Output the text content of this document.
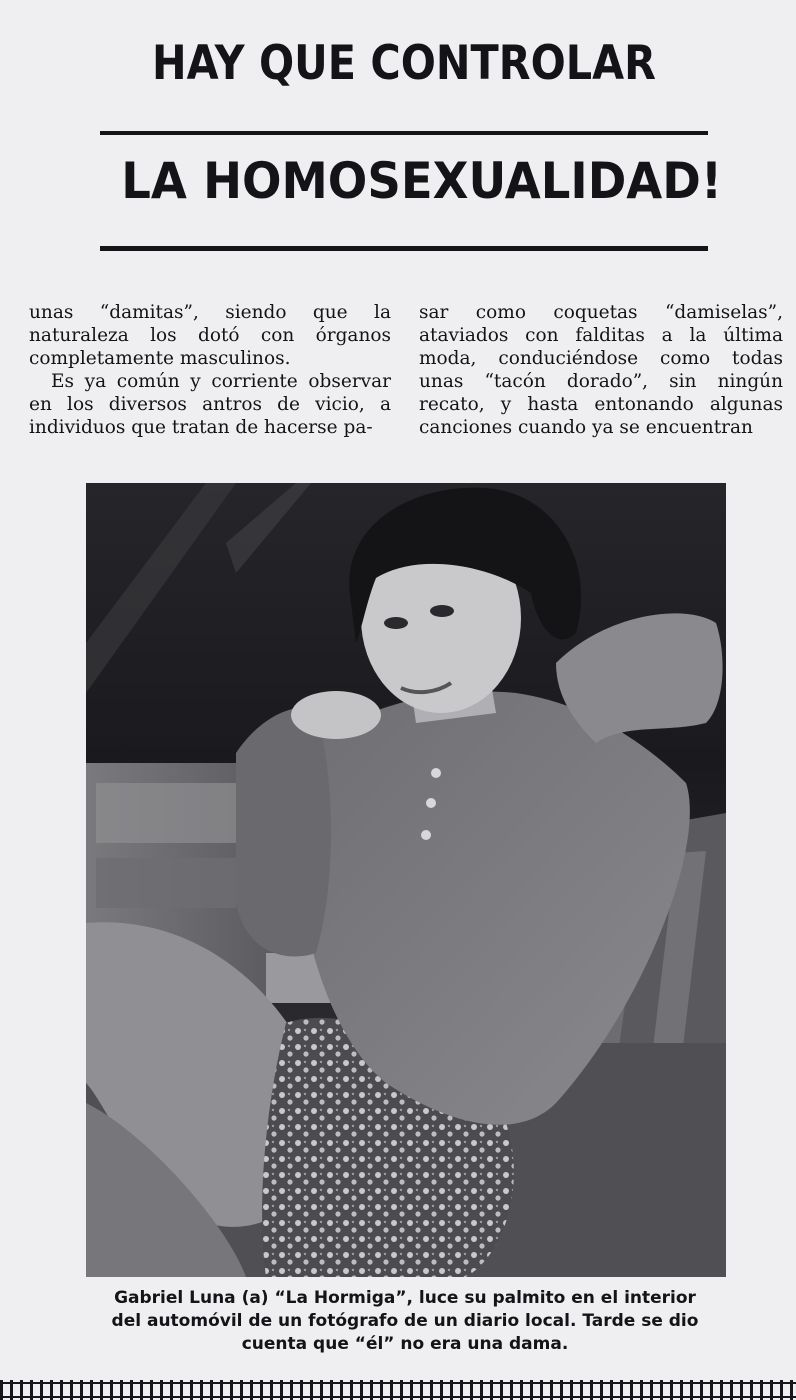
HAY QUE CONTROLAR
LA HOMOSEXUALIDAD!

unas “damitas”, siendo que la naturaleza los dotó con órganos completamente masculinos.

Es ya común y corriente observar en los diversos antros de vicio, a individuos que tratan de hacerse pa-

sar como coquetas “damiselas”, ataviados con falditas a la última moda, conduciéndose como todas unas “tacón dorado”, sin ningún recato, y hasta entonando algunas canciones cuando ya se encuentran

Gabriel Luna (a) “La Hormiga”, luce su palmito en el interior
del automóvil de un fotógrafo de un diario local. Tarde se dio
cuenta que “él” no era una dama.
